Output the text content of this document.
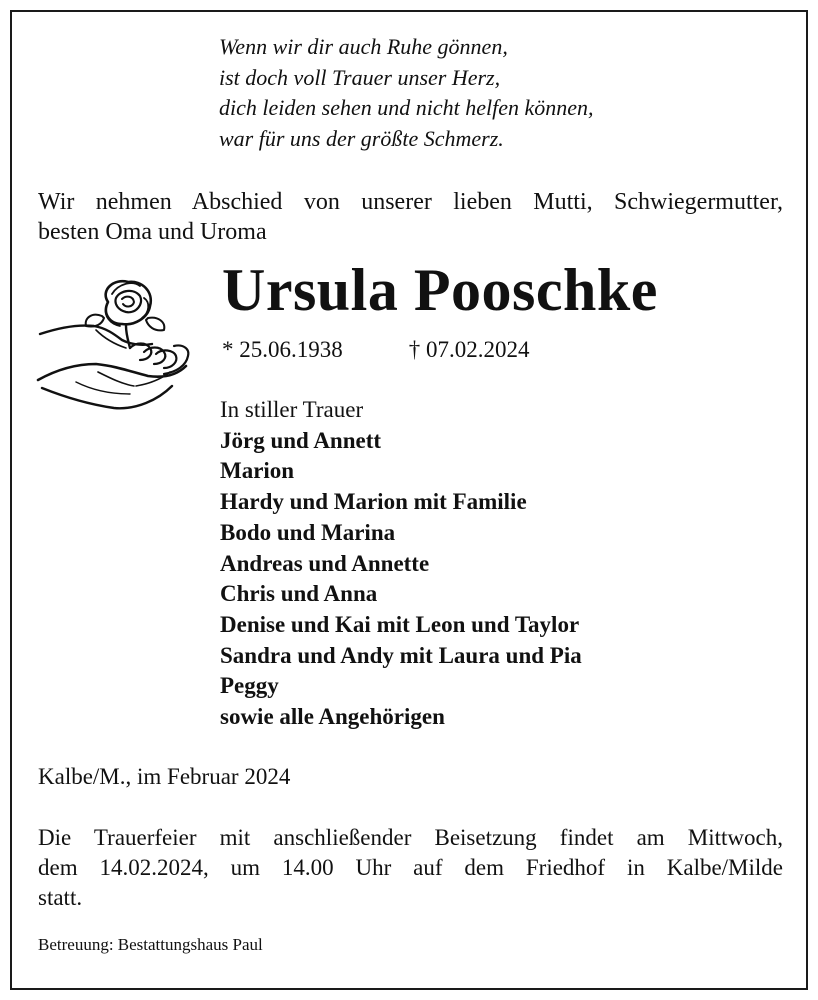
Wenn wir dir auch Ruhe gönnen,
ist doch voll Trauer unser Herz,
dich leiden sehen und nicht helfen können,
war für uns der größte Schmerz.
Wir nehmen Abschied von unserer lieben Mutti, Schwiegermutter,
besten Oma und Uroma
Ursula Pooschke
* 25.06.1938	† 07.02.2024
In stiller Trauer
Jörg und Annett
Marion
Hardy und Marion mit Familie
Bodo und Marina
Andreas und Annette
Chris und Anna
Denise und Kai mit Leon und Taylor
Sandra und Andy mit Laura und Pia
Peggy
sowie alle Angehörigen
Kalbe/M., im Februar 2024
Die Trauerfeier mit anschließender Beisetzung findet am Mittwoch,
dem 14.02.2024, um 14.00 Uhr auf dem Friedhof in Kalbe/Milde
statt.
Betreuung: Bestattungshaus Paul
